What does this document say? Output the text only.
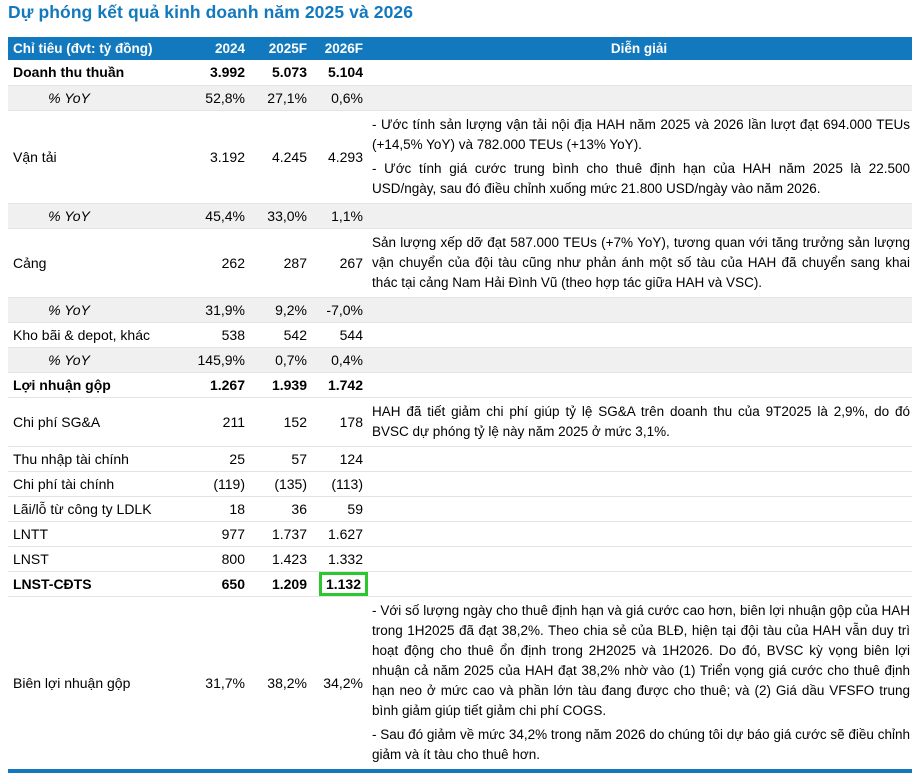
Dự phóng kết quả kinh doanh năm 2025 và 2026
Chỉ tiêu (đvt: tỷ đồng)	2024	2025F	2026F	Diễn giải
Doanh thu thuần	3.992	5.073	5.104	
% YoY	52,8%	27,1%	0,6%	
Vận tải	3.192	4.245	4.293	- Ước tính sản lượng vận tải nội địa HAH năm 2025 và 2026 lần lượt đạt 694.000 TEUs (+14,5% YoY) và 782.000 TEUs (+13% YoY).
- Ước tính giá cước trung bình cho thuê định hạn của HAH năm 2025 là 22.500 USD/ngày, sau đó điều chỉnh xuống mức 21.800 USD/ngày vào năm 2026.

% YoY	45,4%	33,0%	1,1%	
Cảng	262	287	267	Sản lượng xếp dỡ đạt 587.000 TEUs (+7% YoY), tương quan với tăng trưởng sản lượng vận chuyển của đội tàu cũng như phản ánh một số tàu của HAH đã chuyển sang khai thác tại cảng Nam Hải Đình Vũ (theo hợp tác giữa HAH và VSC).

% YoY	31,9%	9,2%	-7,0%	
Kho bãi & depot, khác	538	542	544	
% YoY	145,9%	0,7%	0,4%	
Lợi nhuận gộp	1.267	1.939	1.742	
Chi phí SG&A	211	152	178	HAH đã tiết giảm chi phí giúp tỷ lệ SG&A trên doanh thu của 9T2025 là 2,9%, do đó BVSC dự phóng tỷ lệ này năm 2025 ở mức 3,1%.

Thu nhập tài chính	25	57	124	
Chi phí tài chính	(119)	(135)	(113)	
Lãi/lỗ từ công ty LDLK	18	36	59	
LNTT	977	1.737	1.627	
LNST	800	1.423	1.332	
LNST-CĐTS	650	1.209	1.132	
Biên lợi nhuận gộp	31,7%	38,2%	34,2%	- Với số lượng ngày cho thuê định hạn và giá cước cao hơn, biên lợi nhuận gộp của HAH trong 1H2025 đã đạt 38,2%. Theo chia sẻ của BLĐ, hiện tại đội tàu của HAH vẫn duy trì hoạt động cho thuê ổn định trong 2H2025 và 1H2026. Do đó, BVSC kỳ vọng biên lợi nhuận cả năm 2025 của HAH đạt 38,2% nhờ vào (1) Triển vọng giá cước cho thuê định hạn neo ở mức cao và phần lớn tàu đang được cho thuê; và (2) Giá dầu VFSFO trung bình giảm giúp tiết giảm chi phí COGS.
- Sau đó giảm về mức 34,2% trong năm 2026 do chúng tôi dự báo giá cước sẽ điều chỉnh giảm và ít tàu cho thuê hơn.
